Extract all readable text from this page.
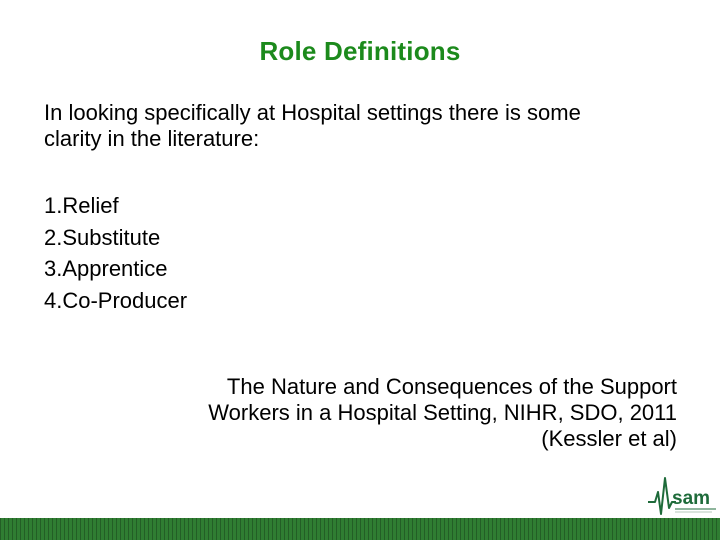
Role Definitions
In looking specifically at Hospital settings there is some
clarity in the literature:
1.Relief
2.Substitute
3.Apprentice
4.Co-Producer
The Nature and Consequences of the Support
Workers in a Hospital Setting, NIHR, SDO, 2011
(Kessler et al)
sam
